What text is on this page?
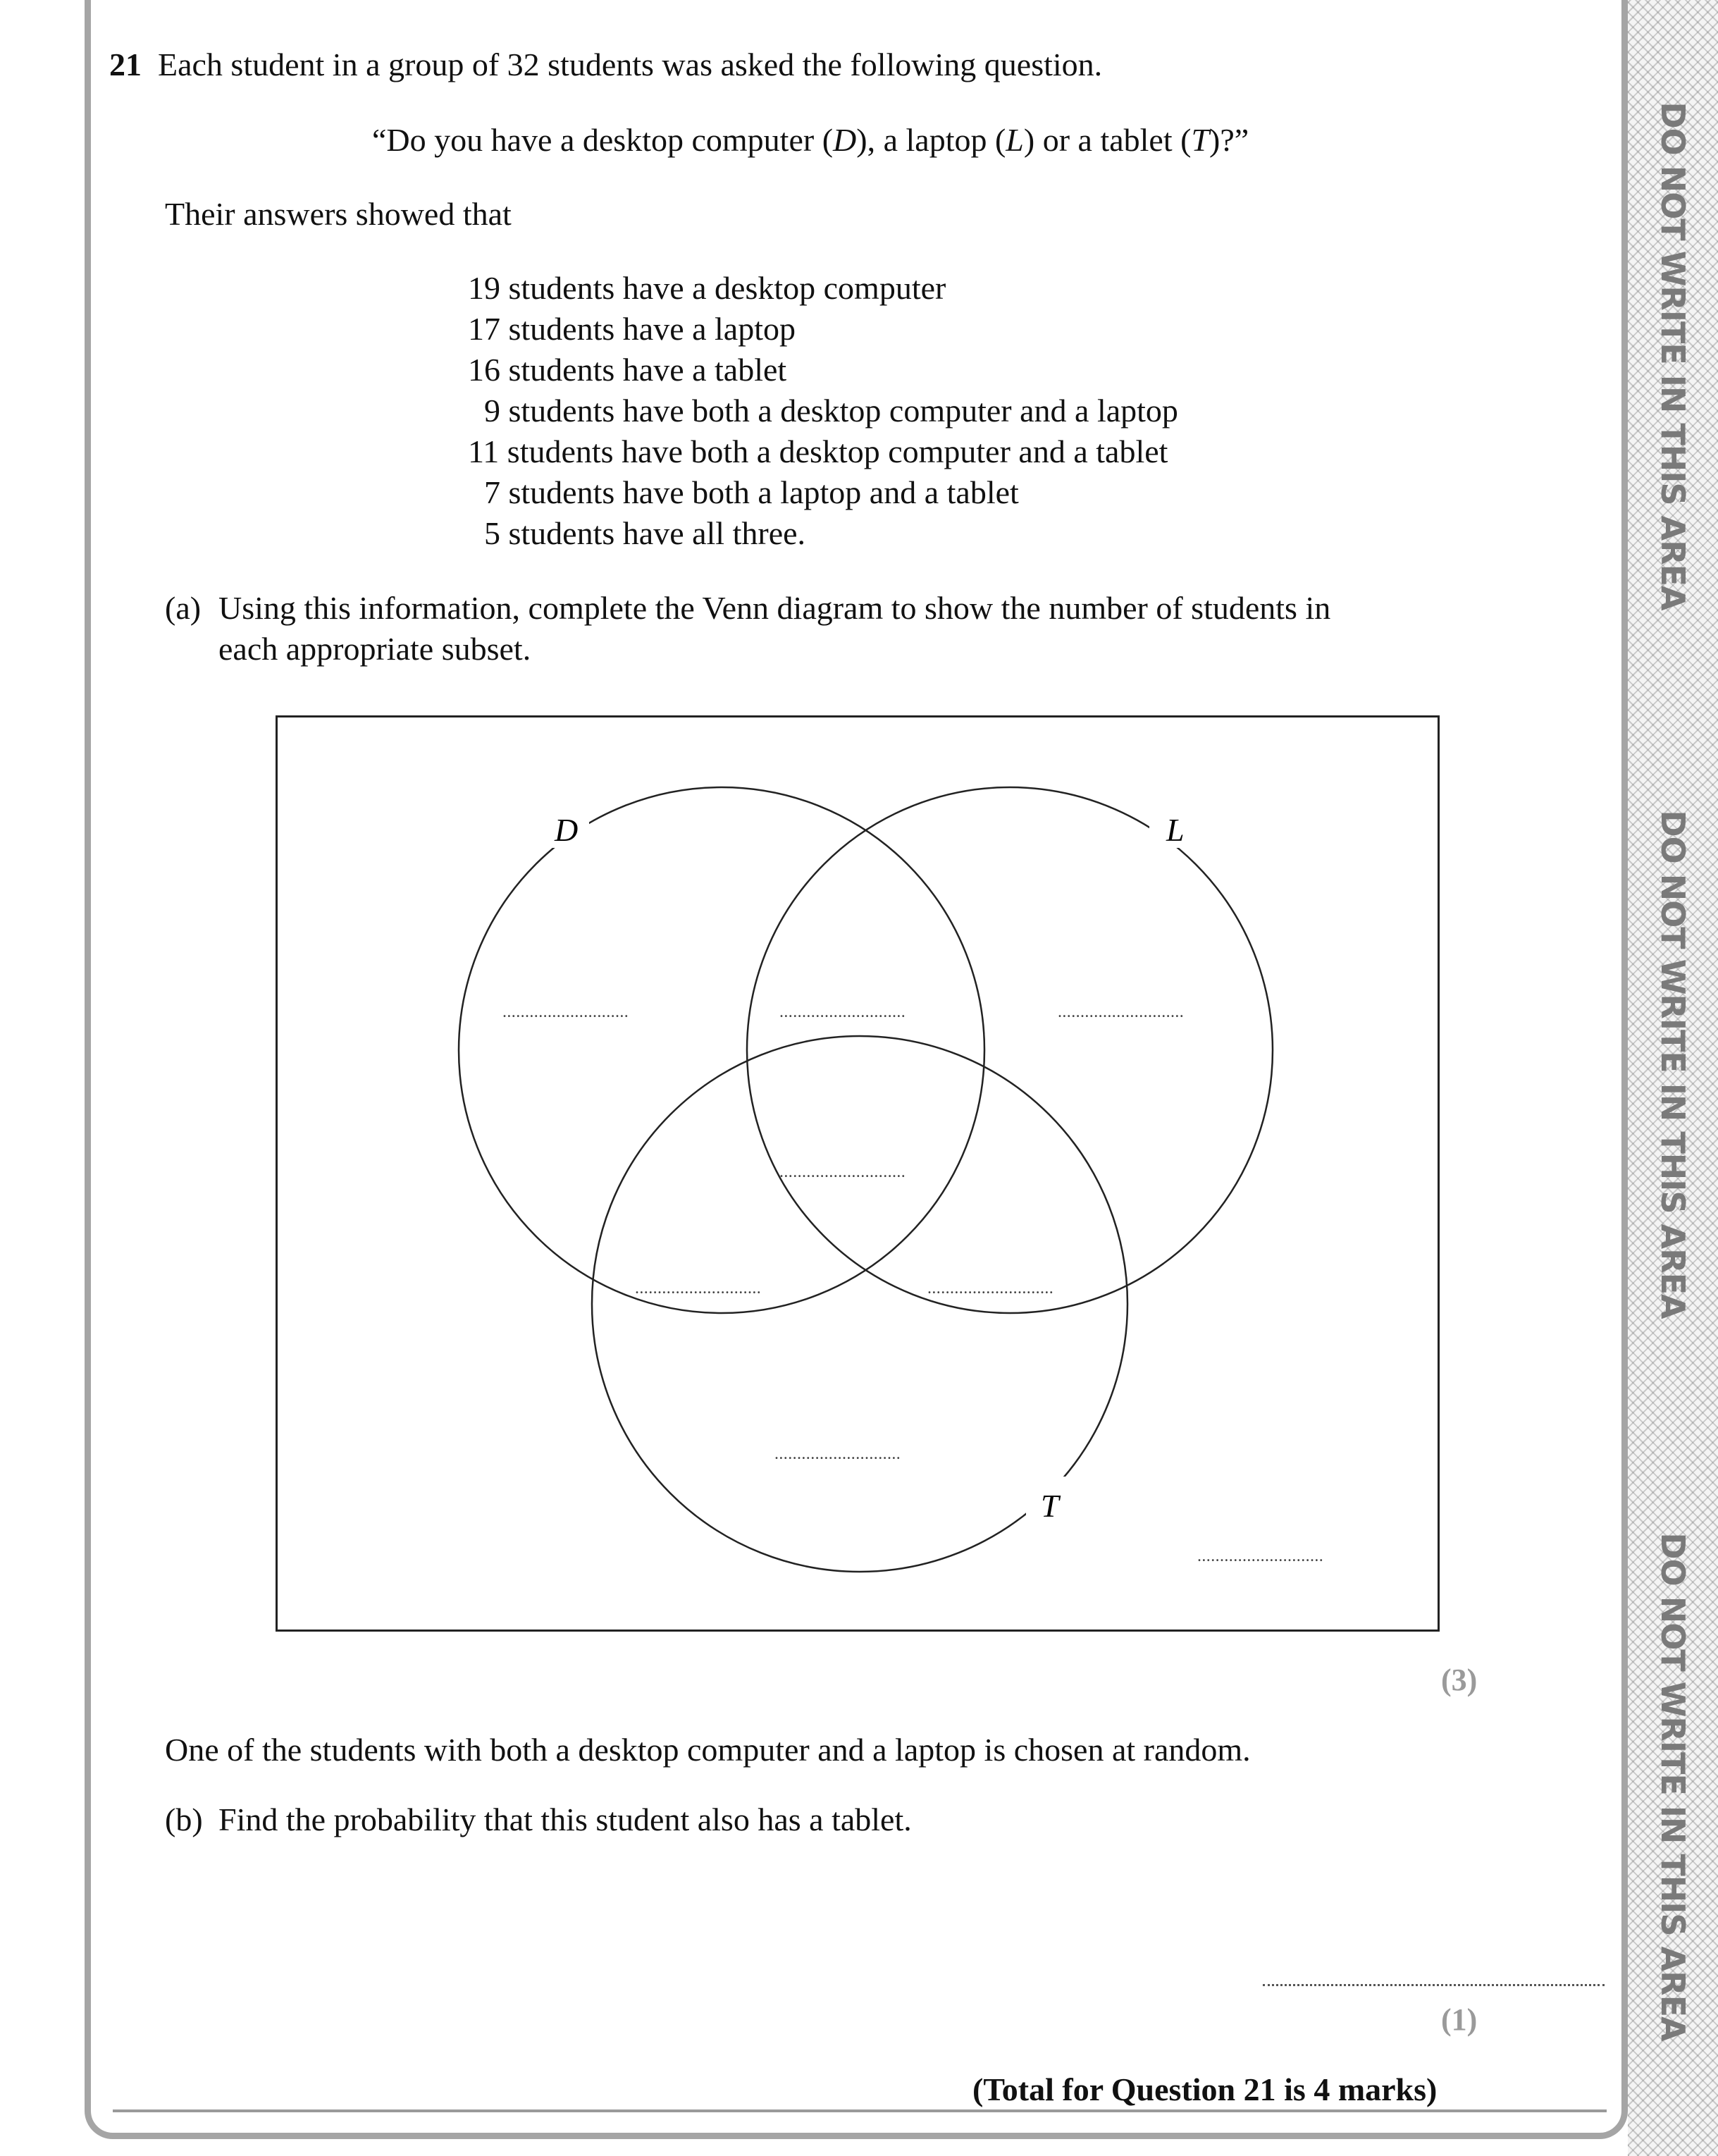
DO NOT WRITE IN THIS AREA
DO NOT WRITE IN THIS AREA
DO NOT WRITE IN THIS AREA
21 Each student in a group of 32 students was asked the following question.
“Do you have a desktop computer (D), a laptop (L) or a tablet (T)?”
Their answers showed that
19 students have a desktop computer
17 students have a laptop
16 students have a tablet
9 students have both a desktop computer and a laptop
11 students have both a desktop computer and a tablet
7 students have both a laptop and a tablet
5 students have all three.
(a) Using this information, complete the Venn diagram to show the number of students in
each appropriate subset.
D	L
T
............................	............................	............................
............................
............................	............................
............................
............................
(3)
One of the students with both a desktop computer and a laptop is chosen at random.
(b) Find the probability that this student also has a tablet.
(1)
(Total for Question 21 is 4 marks)
